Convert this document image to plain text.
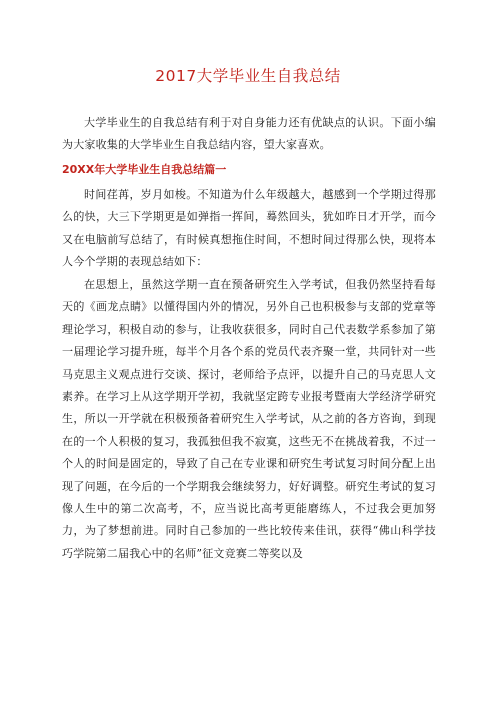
2017大学毕业生自我总结

大学毕业生的自我总结有利于对自身能力还有优缺点的认识。下面小编为大家收集的大学毕业生自我总结内容，望大家喜欢。

20XX年大学毕业生自我总结篇一

时间荏苒，岁月如梭。不知道为什么年级越大，越感到一个学期过得那么的快，大三下学期更是如弹指一挥间，蓦然回头，犹如昨日才开学，而今又在电脑前写总结了，有时候真想拖住时间，不想时间过得那么快，现将本人今个学期的表现总结如下：

在思想上，虽然这学期一直在预备研究生入学考试，但我仍然坚持看每天的《画龙点睛》以懂得国内外的情况，另外自己也积极参与支部的党章等理论学习，积极自动的参与，让我收获很多，同时自己代表数学系参加了第一届理论学习提升班，每半个月各个系的党员代表齐聚一堂，共同针对一些马克思主义观点进行交谈、探讨，老师给予点评，以提升自己的马克思人文素养。在学习上从这学期开学初，我就坚定跨专业报考暨南大学经济学研究生，所以一开学就在积极预备着研究生入学考试，从之前的各方咨询，到现在的一个人积极的复习，我孤独但我不寂寞，这些无不在挑战着我，不过一个人的时间是固定的，导致了自己在专业课和研究生考试复习时间分配上出现了问题，在今后的一个学期我会继续努力，好好调整。研究生考试的复习像人生中的第二次高考，不，应当说比高考更能磨练人，不过我会更加努力，为了梦想前进。同时自己参加的一些比较传来佳讯，获得“佛山科学技巧学院第二届我心中的名师”征文竞赛二等奖以及
